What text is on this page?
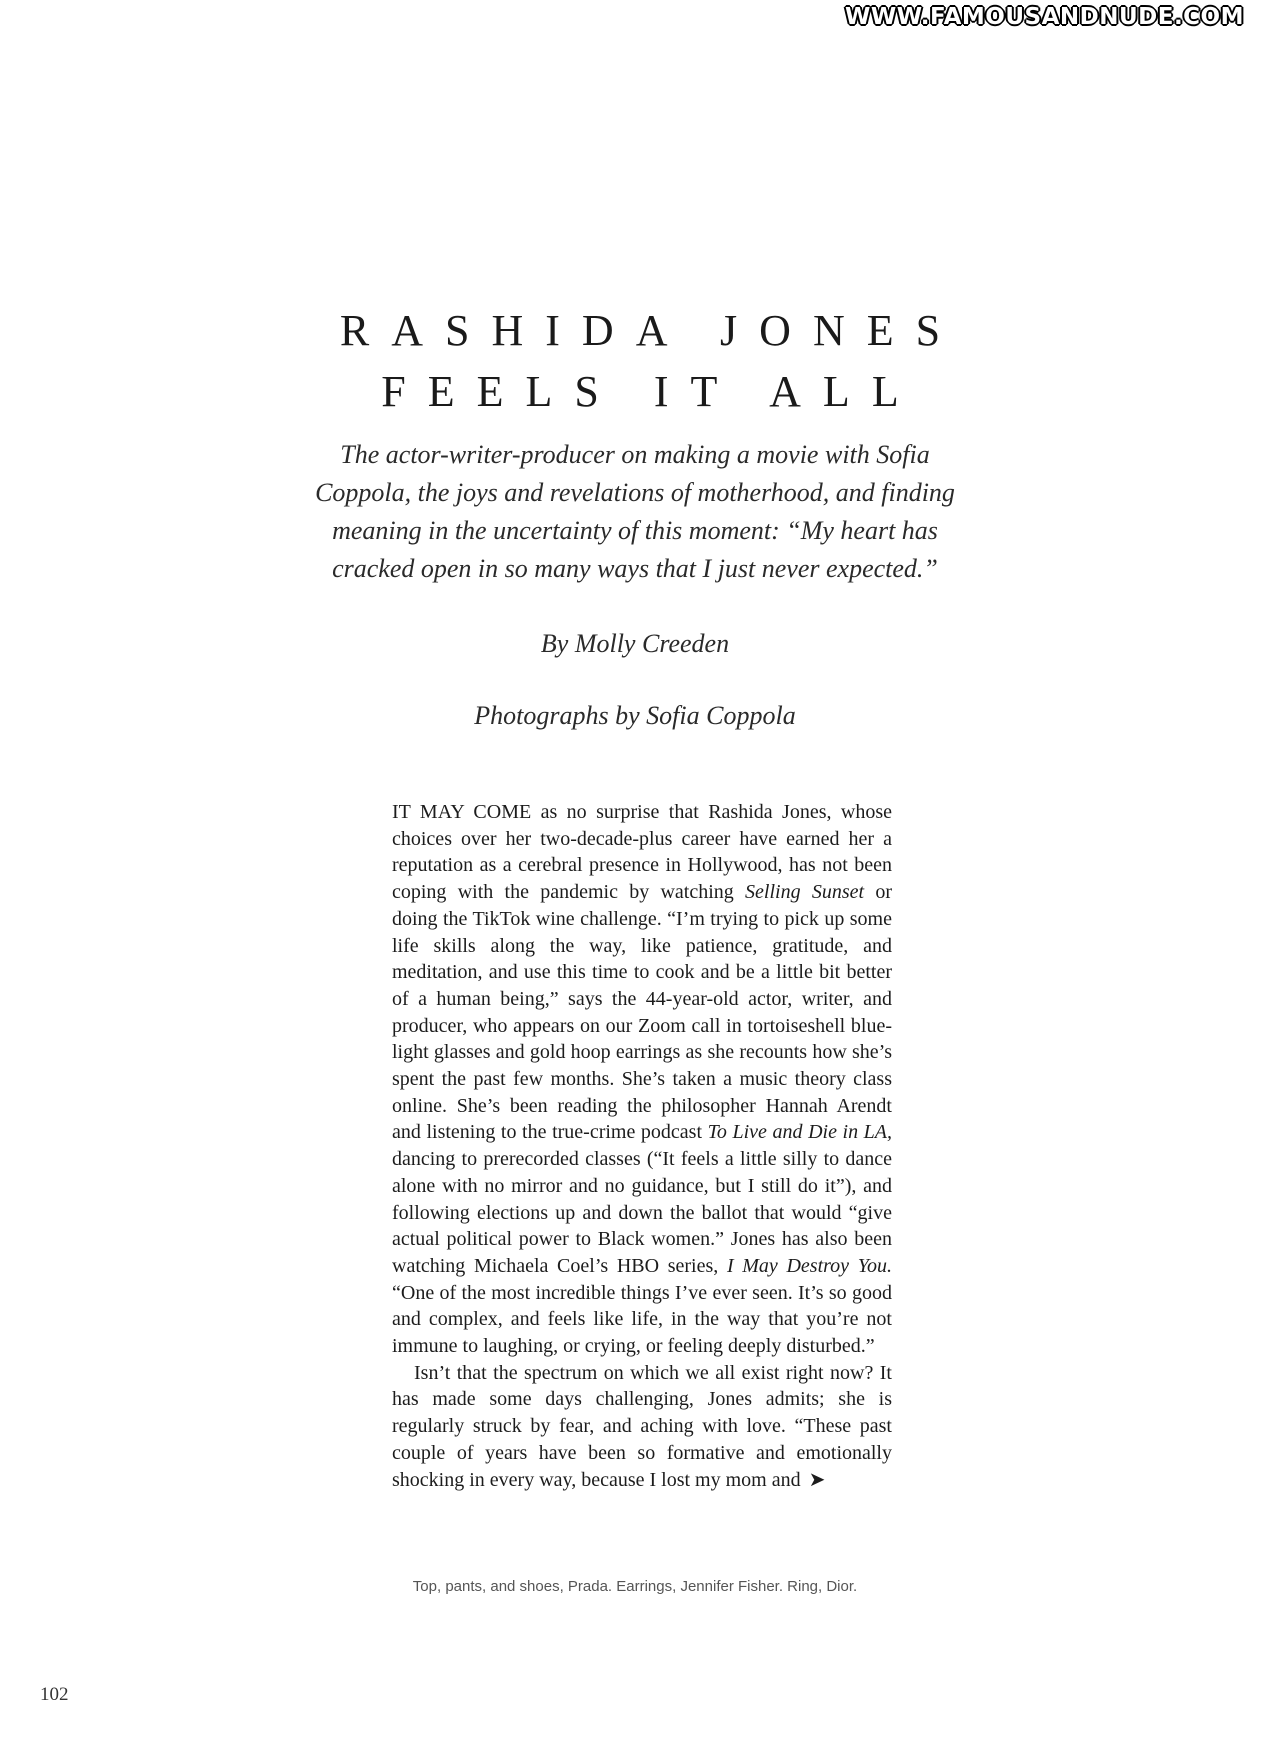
WWW.FAMOUSANDNUDE.COM
RASHIDA JONES
FEELS IT ALL

The actor-writer-producer on making a movie with Sofia Coppola, the joys and revelations of motherhood, and finding meaning in the uncertainty of this moment: “My heart has cracked open in so many ways that I just never expected.”

By Molly Creeden

Photographs by Sofia Coppola

IT MAY COME as no surprise that Rashida Jones, whose choices over her two-decade-plus career have earned her a reputation as a cerebral presence in Hollywood, has not been coping with the pandemic by watching Selling Sunset or doing the TikTok wine challenge. “I’m trying to pick up some life skills along the way, like patience, gratitude, and meditation, and use this time to cook and be a little bit better of a human being,” says the 44-year-old actor, writer, and producer, who appears on our Zoom call in tortoiseshell blue-light glasses and gold hoop earrings as she recounts how she’s spent the past few months. She’s taken a music theory class online. She’s been reading the philosopher Hannah Arendt and listening to the true-crime podcast To Live and Die in LA, dancing to prerecorded classes (“It feels a little silly to dance alone with no mirror and no guidance, but I still do it”), and following elections up and down the ballot that would “give actual political power to Black women.” Jones has also been watching Michaela Coel’s HBO series, I May Destroy You. “One of the most incredible things I’ve ever seen. It’s so good and complex, and feels like life, in the way that you’re not immune to laughing, or crying, or feeling deeply disturbed.”

Isn’t that the spectrum on which we all exist right now? It has made some days challenging, Jones admits; she is regularly struck by fear, and aching with love. “These past couple of years have been so formative and emotionally shocking in every way, because I lost my mom and ➤

Top, pants, and shoes, Prada. Earrings, Jennifer Fisher. Ring, Dior.

102
